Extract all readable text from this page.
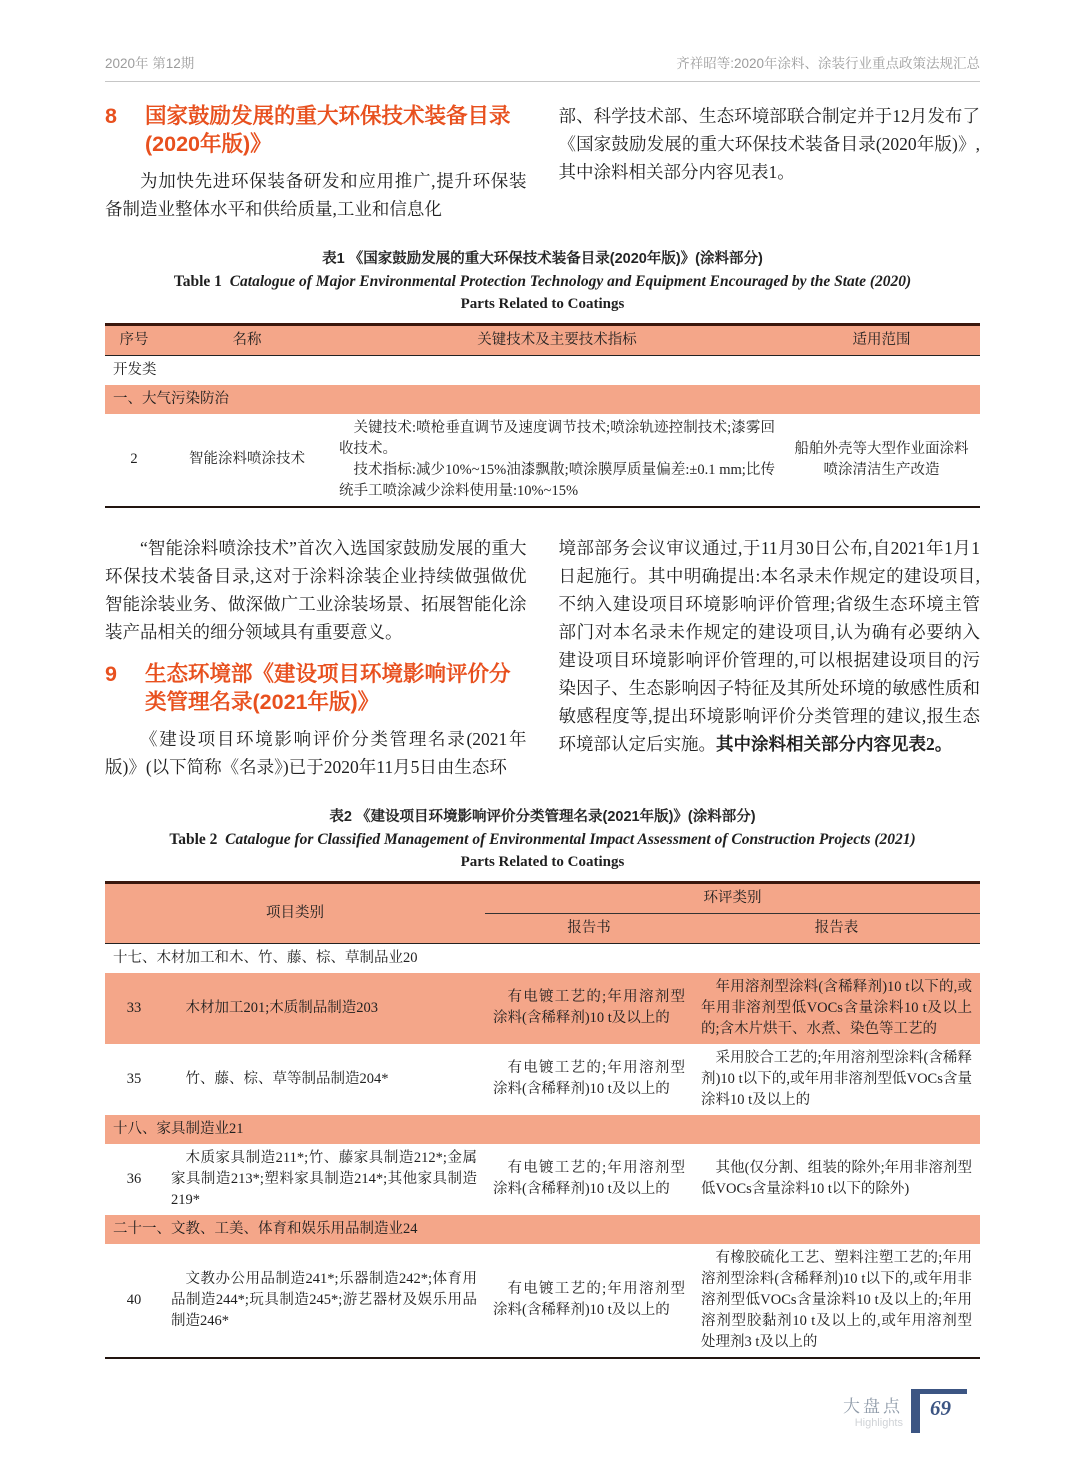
2020年 第12期	齐祥昭等:2020年涂料、涂装行业重点政策法规汇总
8	国家鼓励发展的重大环保技术装备目录(2020年版)》

为加快先进环保装备研发和应用推广,提升环保装备制造业整体水平和供给质量,工业和信息化

部、科学技术部、生态环境部联合制定并于12月发布了《国家鼓励发展的重大环保技术装备目录(2020年版)》,其中涂料相关部分内容见表1。

表1 《国家鼓励发展的重大环保技术装备目录(2020年版)》(涂料部分)
Table 1 Catalogue of Major Environmental Protection Technology and Equipment Encouraged by the State (2020)
Parts Related to Coatings
序号	名称	关键技术及主要技术指标	适用范围
开发类			
一、大气污染防治			
2	智能涂料喷涂技术	关键技术:喷枪垂直调节及速度调节技术;喷涂轨迹控制技术;漆雾回收技术。

技术指标:减少10%~15%油漆飘散;喷涂膜厚质量偏差:±0.1 mm;比传统手工喷涂减少涂料使用量:10%~15%	船舶外壳等大型作业面涂料喷涂清洁生产改造

“智能涂料喷涂技术”首次入选国家鼓励发展的重大环保技术装备目录,这对于涂料涂装企业持续做强做优智能涂装业务、做深做广工业涂装场景、拓展智能化涂装产品相关的细分领域具有重要意义。

9	生态环境部《建设项目环境影响评价分类管理名录(2021年版)》

《建设项目环境影响评价分类管理名录(2021年版)》(以下简称《名录》)已于2020年11月5日由生态环

境部部务会议审议通过,于11月30日公布,自2021年1月1日起施行。其中明确提出:本名录未作规定的建设项目,不纳入建设项目环境影响评价管理;省级生态环境主管部门对本名录未作规定的建设项目,认为确有必要纳入建设项目环境影响评价管理的,可以根据建设项目的污染因子、生态影响因子特征及其所处环境的敏感性质和敏感程度等,提出环境影响评价分类管理的建议,报生态环境部认定后实施。其中涂料相关部分内容见表2。

表2 《建设项目环境影响评价分类管理名录(2021年版)》(涂料部分)
Table 2 Catalogue for Classified Management of Environmental Impact Assessment of Construction Projects (2021)
Parts Related to Coatings
项目类别		环评类别	
		报告书	报告表
十七、木材加工和木、竹、藤、棕、草制品业20			
33	木材加工201;木质制品制造203	有电镀工艺的;年用溶剂型涂料(含稀释剂)10 t及以上的	年用溶剂型涂料(含稀释剂)10 t以下的,或年用非溶剂型低VOCs含量涂料10 t及以上的;含木片烘干、水煮、染色等工艺的

35	竹、藤、棕、草等制品制造204*	有电镀工艺的;年用溶剂型涂料(含稀释剂)10 t及以上的	采用胶合工艺的;年用溶剂型涂料(含稀释剂)10 t以下的,或年用非溶剂型低VOCs含量涂料10 t及以上的

十八、家具制造业21			
36	木质家具制造211*;竹、藤家具制造212*;金属家具制造213*;塑料家具制造214*;其他家具制造219*	有电镀工艺的;年用溶剂型涂料(含稀释剂)10 t及以上的	其他(仅分割、组装的除外;年用非溶剂型低VOCs含量涂料10 t以下的除外)

二十一、文教、工美、体育和娱乐用品制造业24			
40	文教办公用品制造241*;乐器制造242*;体育用品制造244*;玩具制造245*;游艺器材及娱乐用品制造246*	有电镀工艺的;年用溶剂型涂料(含稀释剂)10 t及以上的	有橡胶硫化工艺、塑料注塑工艺的;年用溶剂型涂料(含稀释剂)10 t以下的,或年用非溶剂型低VOCs含量涂料10 t及以上的;年用溶剂型胶黏剂10 t及以上的,或年用溶剂型处理剂3 t及以上的

大盘点
Highlights
69
